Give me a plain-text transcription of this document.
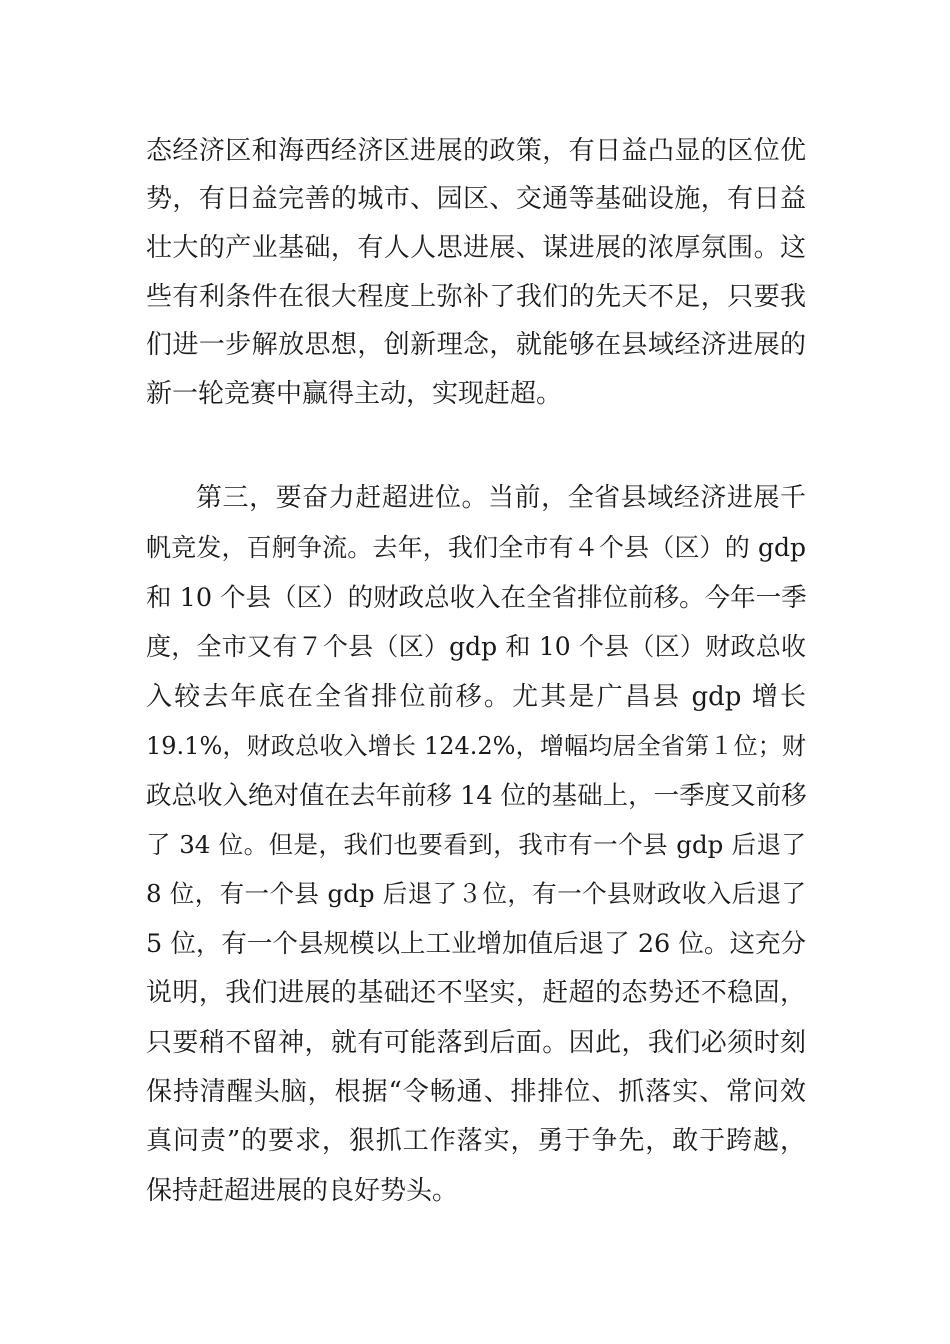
态经济区和海西经济区进展的政策，有日益凸显的区位优
势，有日益完善的城市、园区、交通等基础设施，有日益
壮大的产业基础，有人人思进展、谋进展的浓厚氛围。这
些有利条件在很大程度上弥补了我们的先天不足，只要我
们进一步解放思想，创新理念，就能够在县域经济进展的
新一轮竞赛中赢得主动，实现赶超。
第三，要奋力赶超进位。当前，全省县域经济进展千
帆竞发，百舸争流。去年，我们全市有４个县（区）的 gdp
和 10 个县（区）的财政总收入在全省排位前移。今年一季
度，全市又有７个县（区）gdp 和 10 个县（区）财政总收
入较去年底在全省排位前移。尤其是广昌县 gdp 增长
19.1%，财政总收入增长 124.2%，增幅均居全省第１位；财
政总收入绝对值在去年前移 14 位的基础上，一季度又前移
了 34 位。但是，我们也要看到，我市有一个县 gdp 后退了
8 位，有一个县 gdp 后退了３位，有一个县财政收入后退了
5 位，有一个县规模以上工业增加值后退了 26 位。这充分
说明，我们进展的基础还不坚实，赶超的态势还不稳固，
只要稍不留神，就有可能落到后面。因此，我们必须时刻
保持清醒头脑，根据“令畅通、排排位、抓落实、常问效
真问责”的要求，狠抓工作落实，勇于争先，敢于跨越，
保持赶超进展的良好势头。
